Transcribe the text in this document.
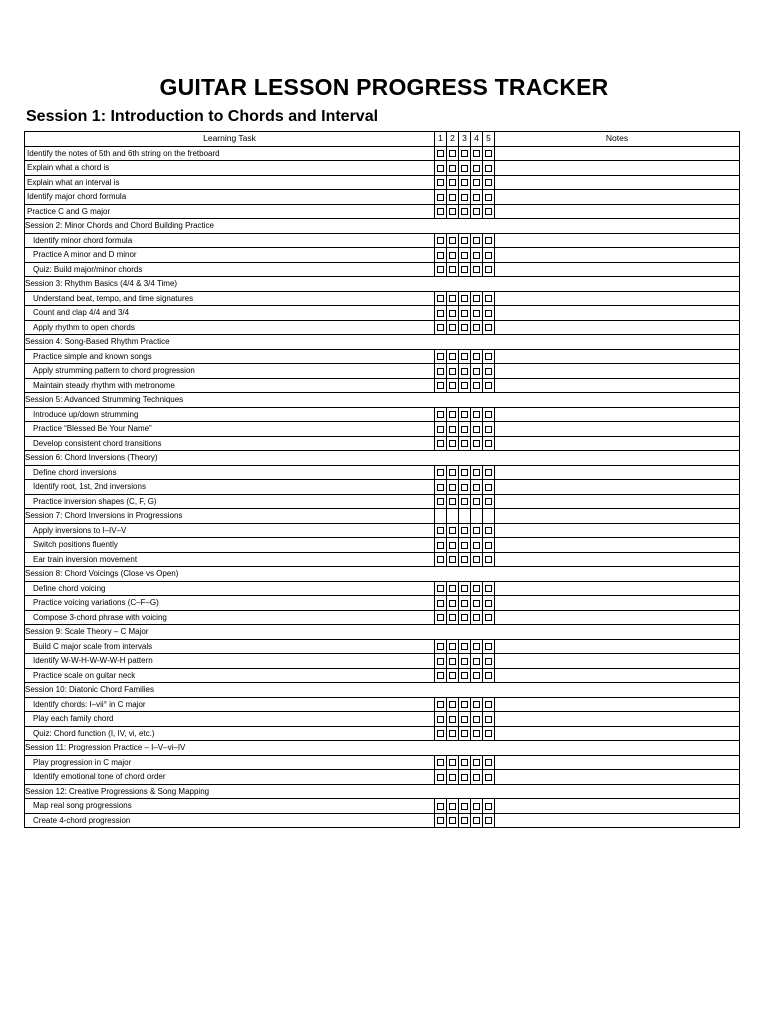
GUITAR LESSON PROGRESS TRACKER
Session 1: Introduction to Chords and Interval
Learning Task	1	2	3	4	5	Notes
Identify the notes of 5th and 6th string on the fretboard						
Explain what a chord is						
Explain what an interval is						
Identify major chord formula						
Practice C and G major						
Session 2: Minor Chords and Chord Building Practice						
Identify minor chord formula						
Practice A minor and D minor						
Quiz: Build major/minor chords						
Session 3: Rhythm Basics (4/4 & 3/4 Time)						
Understand beat, tempo, and time signatures						
Count and clap 4/4 and 3/4						
Apply rhythm to open chords						
Session 4: Song-Based Rhythm Practice						
Practice simple and known songs						
Apply strumming pattern to chord progression						
Maintain steady rhythm with metronome						
Session 5: Advanced Strumming Techniques						
Introduce up/down strumming						
Practice “Blessed Be Your Name”						
Develop consistent chord transitions						
Session 6: Chord Inversions (Theory)						
Define chord inversions						
Identify root, 1st, 2nd inversions						
Practice inversion shapes (C, F, G)						
Session 7: Chord Inversions in Progressions						
Apply inversions to I–IV–V						
Switch positions fluently						
Ear train inversion movement						
Session 8: Chord Voicings (Close vs Open)						
Define chord voicing						
Practice voicing variations (C–F–G)						
Compose 3-chord phrase with voicing						
Session 9: Scale Theory – C Major						
Build C major scale from intervals						
Identify W-W-H-W-W-W-H pattern						
Practice scale on guitar neck						
Session 10: Diatonic Chord Families						
Identify chords: I–vii° in C major						
Play each family chord						
Quiz: Chord function (I, IV, vi, etc.)						
Session 11: Progression Practice – I–V–vi–IV						
Play progression in C major						
Identify emotional tone of chord order						
Session 12: Creative Progressions & Song Mapping						
Map real song progressions						
Create 4-chord progression						
